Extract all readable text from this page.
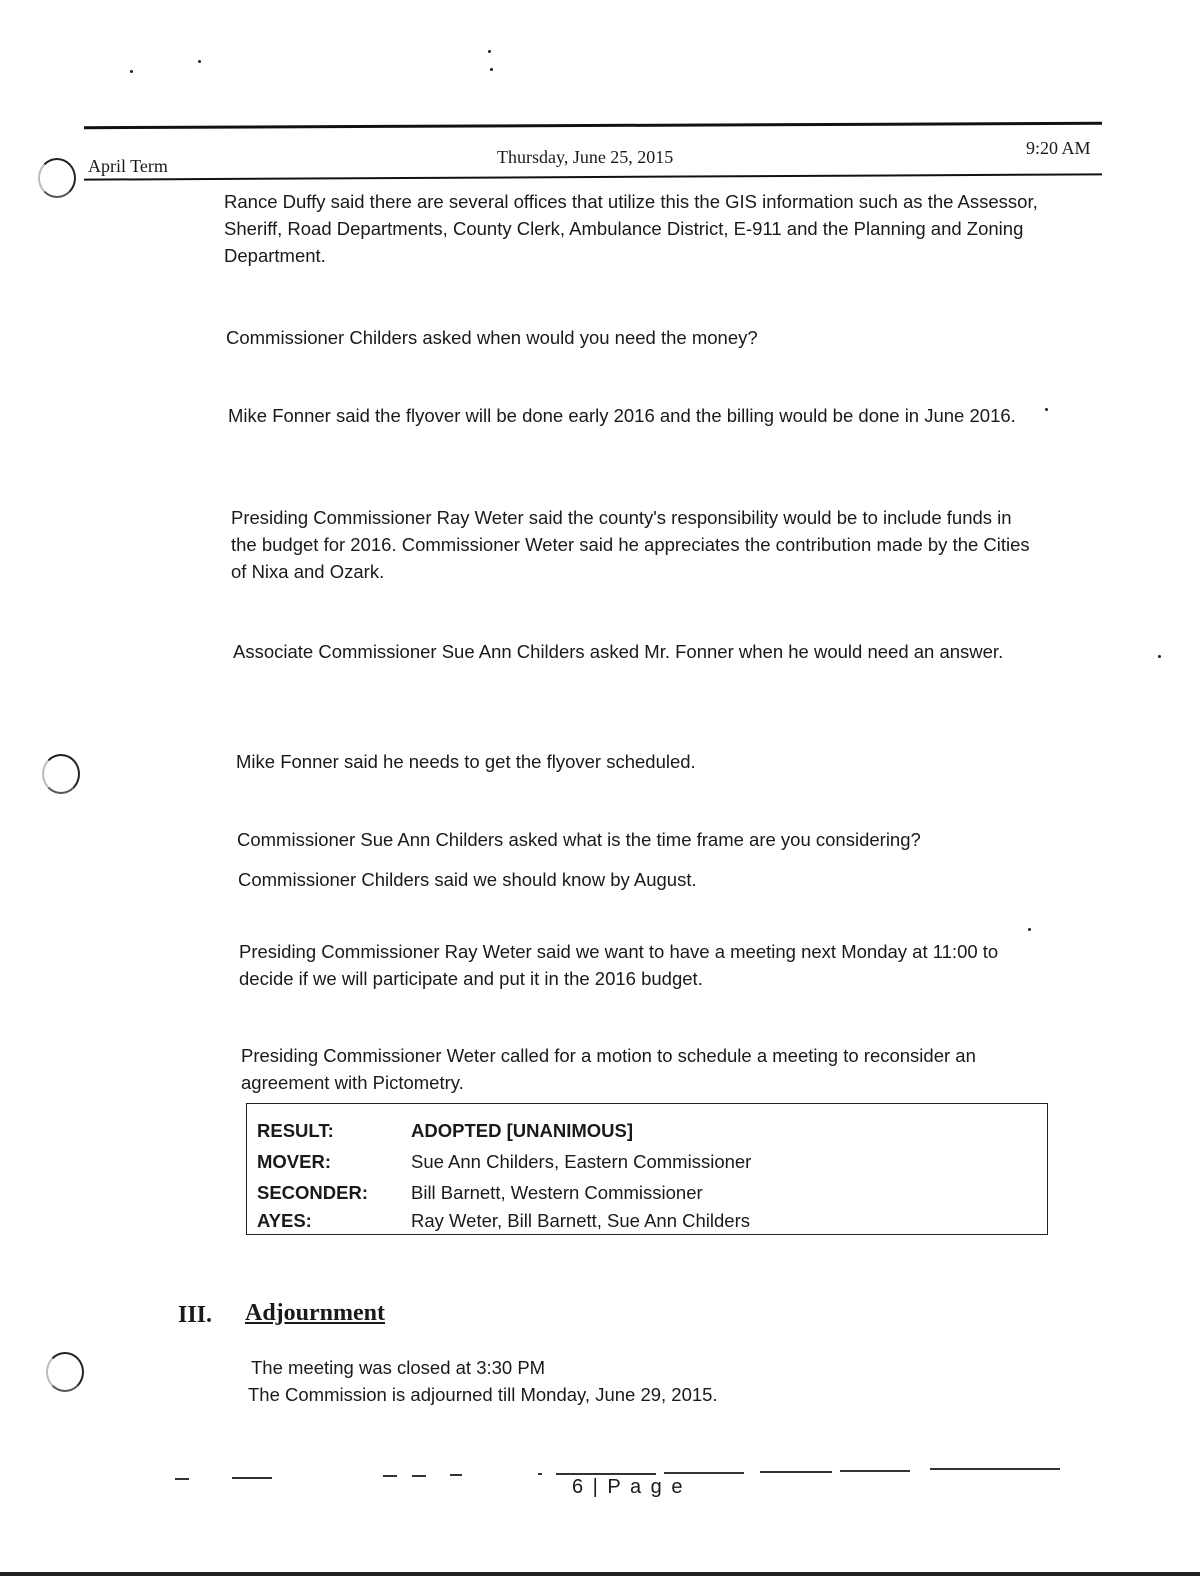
April Term	Thursday, June 25, 2015	9:20 AM

Rance Duffy said there are several offices that utilize this the GIS information such as the Assessor, Sheriff, Road Departments, County Clerk, Ambulance District, E-911 and the Planning and Zoning Department.

Commissioner Childers asked when would you need the money?

Mike Fonner said the flyover will be done early 2016 and the billing would be done in June 2016.

Presiding Commissioner Ray Weter said the county's responsibility would be to include funds in the budget for 2016. Commissioner Weter said he appreciates the contribution made by the Cities of Nixa and Ozark.

Associate Commissioner Sue Ann Childers asked Mr. Fonner when he would need an answer.

Mike Fonner said he needs to get the flyover scheduled.

Commissioner Sue Ann Childers asked what is the time frame are you considering?

Commissioner Childers said we should know by August.

Presiding Commissioner Ray Weter said we want to have a meeting next Monday at 11:00 to decide if we will participate and put it in the 2016 budget.

Presiding Commissioner Weter called for a motion to schedule a meeting to reconsider an agreement with Pictometry.

RESULT:	ADOPTED [UNANIMOUS]
MOVER:	Sue Ann Childers, Eastern Commissioner
SECONDER: Bill Barnett, Western Commissioner
AYES:	Ray Weter, Bill Barnett, Sue Ann Childers
III. Adjournment

The meeting was closed at 3:30 PM

The Commission is adjourned till Monday, June 29, 2015.

6 | P a g e
